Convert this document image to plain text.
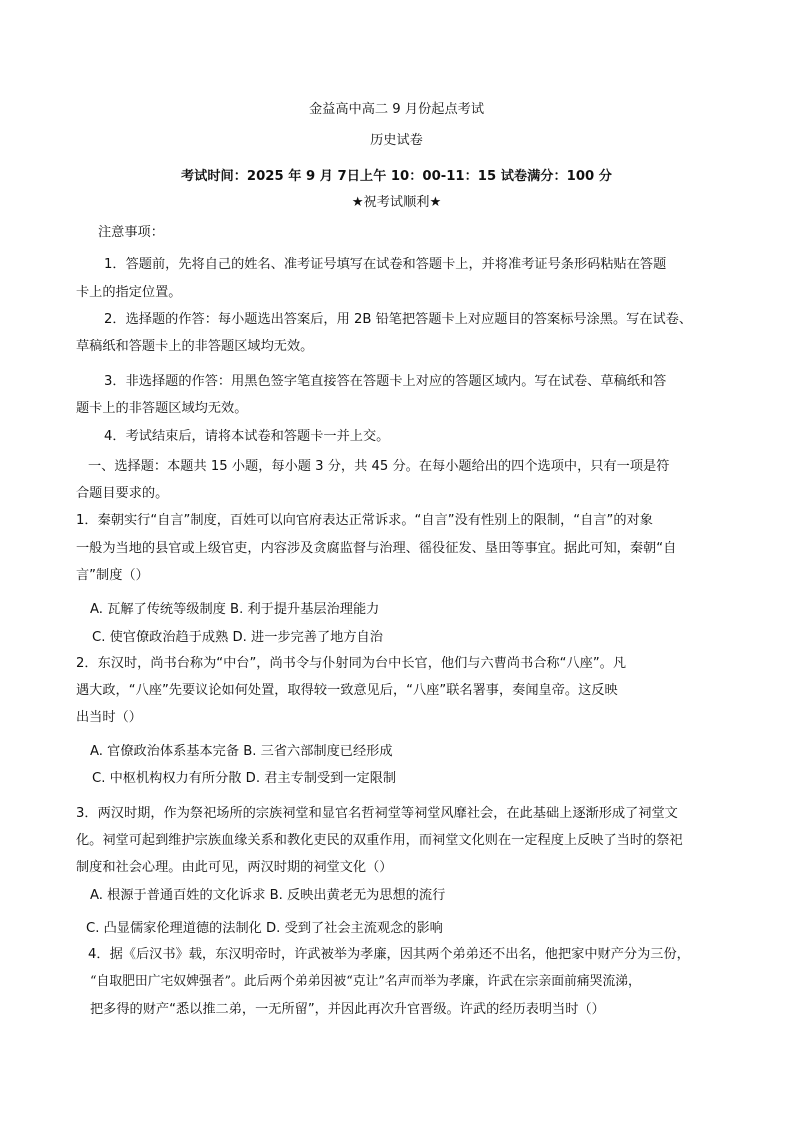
金益高中高二 9 月份起点考试
历史试卷
考试时间：2025 年 9 月 7日上午 10：00-11：15 试卷满分：100 分
★祝考试顺利★
注意事项：
1．答题前，先将自己的姓名、准考证号填写在试卷和答题卡上，并将准考证号条形码粘贴在答题
卡上的指定位置。
2．选择题的作答：每小题选出答案后，用 2B 铅笔把答题卡上对应题目的答案标号涂黑。写在试卷、
草稿纸和答题卡上的非答题区域均无效。
3．非选择题的作答：用黑色签字笔直接答在答题卡上对应的答题区域内。写在试卷、草稿纸和答
题卡上的非答题区域均无效。
4．考试结束后，请将本试卷和答题卡一并上交。
一、选择题：本题共 15 小题，每小题 3 分，共 45 分。在每小题给出的四个选项中，只有一项是符
合题目要求的。
1．秦朝实行“自言”制度，百姓可以向官府表达正常诉求。“自言”没有性别上的限制，“自言”的对象
一般为当地的县官或上级官吏，内容涉及贪腐监督与治理、徭役征发、垦田等事宜。据此可知，秦朝“自
言”制度（）
A. 瓦解了传统等级制度 B. 利于提升基层治理能力
C. 使官僚政治趋于成熟 D. 进一步完善了地方自治
2．东汉时，尚书台称为“中台”，尚书令与仆射同为台中长官，他们与六曹尚书合称“八座”。凡
遇大政，“八座”先要议论如何处置，取得较一致意见后，“八座”联名署事，奏闻皇帝。这反映
出当时（）
A. 官僚政治体系基本完备 B. 三省六部制度已经形成
C. 中枢机构权力有所分散 D. 君主专制受到一定限制
3．两汉时期，作为祭祀场所的宗族祠堂和显官名哲祠堂等祠堂风靡社会，在此基础上逐渐形成了祠堂文
化。祠堂可起到维护宗族血缘关系和教化吏民的双重作用，而祠堂文化则在一定程度上反映了当时的祭祀
制度和社会心理。由此可见，两汉时期的祠堂文化（）
A. 根源于普通百姓的文化诉求 B. 反映出黄老无为思想的流行
C. 凸显儒家伦理道德的法制化 D. 受到了社会主流观念的影响
4．据《后汉书》载，东汉明帝时，许武被举为孝廉，因其两个弟弟还不出名，他把家中财产分为三份，
“自取肥田广宅奴婢强者”。此后两个弟弟因被“克让”名声而举为孝廉，许武在宗亲面前痛哭流涕，
把多得的财产“悉以推二弟，一无所留”，并因此再次升官晋级。许武的经历表明当时（）
